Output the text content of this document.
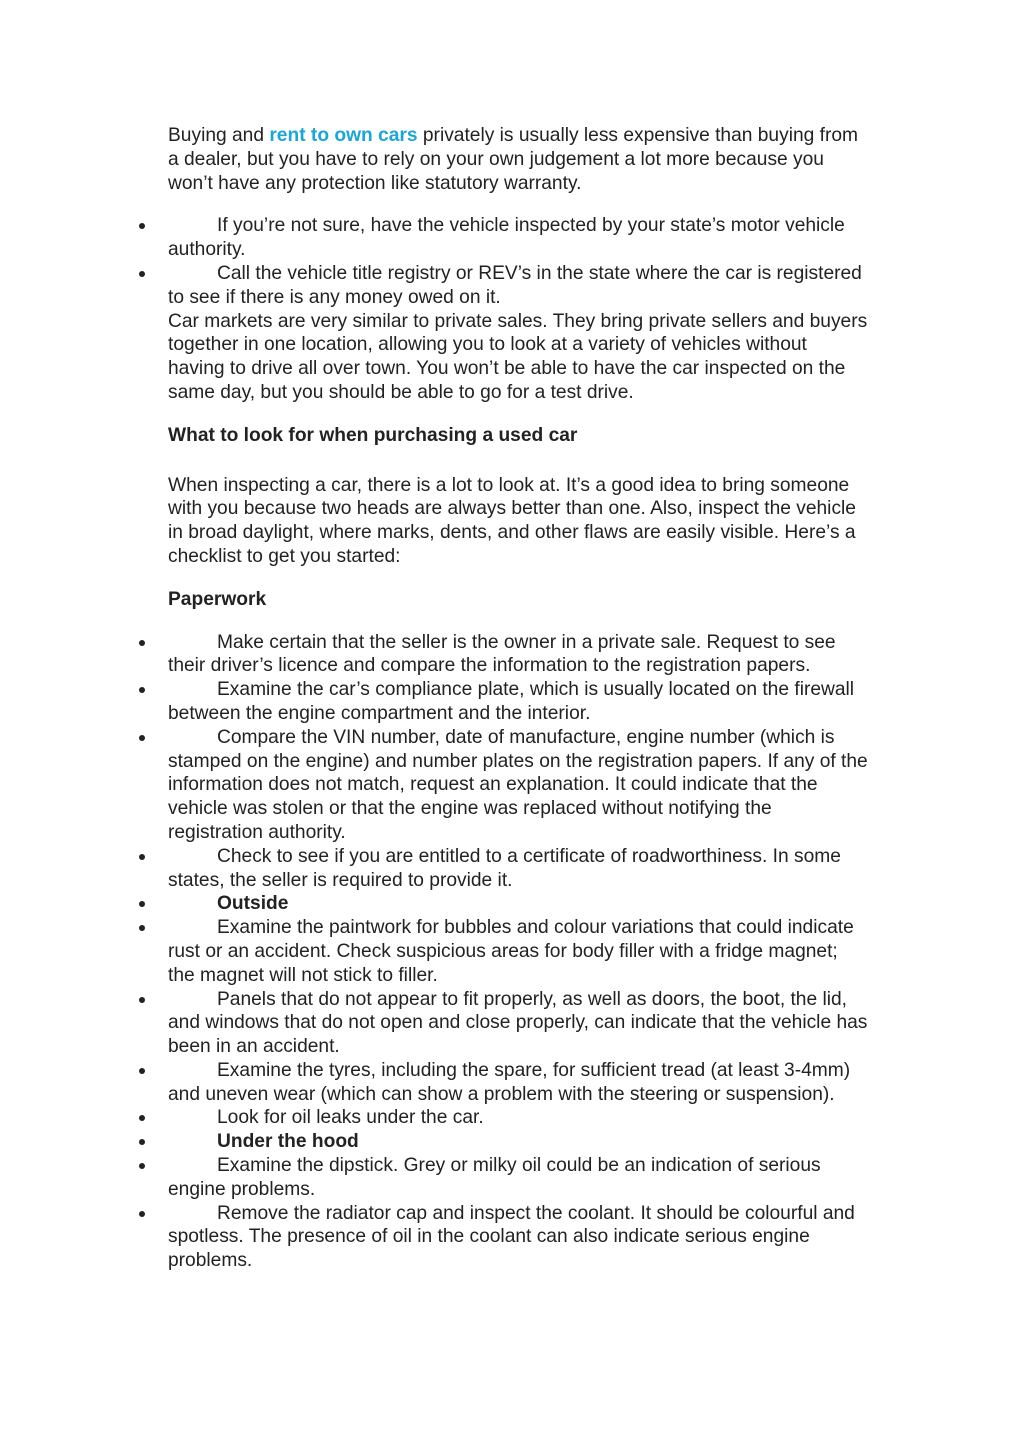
Buying and rent to own cars privately is usually less expensive than buying from a dealer, but you have to rely on your own judgement a lot more because you won’t have any protection like statutory warranty.

If you’re not sure, have the vehicle inspected by your state’s motor vehicle authority.
Call the vehicle title registry or REV’s in the state where the car is registered to see if there is any money owed on it.

Car markets are very similar to private sales. They bring private sellers and buyers together in one location, allowing you to look at a variety of vehicles without having to drive all over town. You won’t be able to have the car inspected on the same day, but you should be able to go for a test drive.

What to look for when purchasing a used car

When inspecting a car, there is a lot to look at. It’s a good idea to bring someone with you because two heads are always better than one. Also, inspect the vehicle in broad daylight, where marks, dents, and other flaws are easily visible. Here’s a checklist to get you started:

Paperwork

Make certain that the seller is the owner in a private sale. Request to see their driver’s licence and compare the information to the registration papers.
Examine the car’s compliance plate, which is usually located on the firewall between the engine compartment and the interior.
Compare the VIN number, date of manufacture, engine number (which is stamped on the engine) and number plates on the registration papers. If any of the information does not match, request an explanation. It could indicate that the vehicle was stolen or that the engine was replaced without notifying the registration authority.
Check to see if you are entitled to a certificate of roadworthiness. In some states, the seller is required to provide it.
Outside
Examine the paintwork for bubbles and colour variations that could indicate rust or an accident. Check suspicious areas for body filler with a fridge magnet; the magnet will not stick to filler.
Panels that do not appear to fit properly, as well as doors, the boot, the lid, and windows that do not open and close properly, can indicate that the vehicle has been in an accident.
Examine the tyres, including the spare, for sufficient tread (at least 3-4mm) and uneven wear (which can show a problem with the steering or suspension).
Look for oil leaks under the car.
Under the hood
Examine the dipstick. Grey or milky oil could be an indication of serious engine problems.
Remove the radiator cap and inspect the coolant. It should be colourful and spotless. The presence of oil in the coolant can also indicate serious engine problems.
